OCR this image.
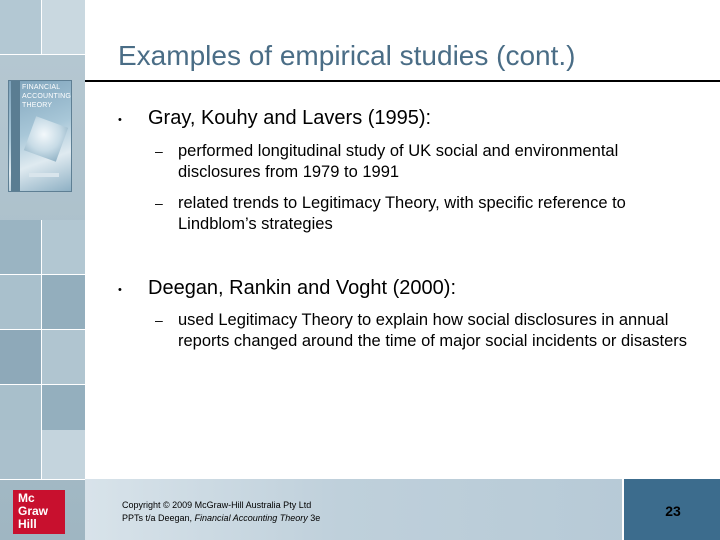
FINANCIAL ACCOUNTING THEORY
Mc
Graw
Hill
Examples of empirical studies (cont.)
• Gray, Kouhy and Lavers (1995):
– performed longitudinal study of UK social and environmental disclosures from 1979 to 1991
– related trends to Legitimacy Theory, with specific reference to Lindblom’s strategies
• Deegan, Rankin and Voght (2000):
– used Legitimacy Theory to explain how social disclosures in annual reports changed around the time of major social incidents or disasters
Copyright © 2009 McGraw-Hill Australia Pty Ltd
PPTs t/a Deegan, Financial Accounting Theory 3e	23
